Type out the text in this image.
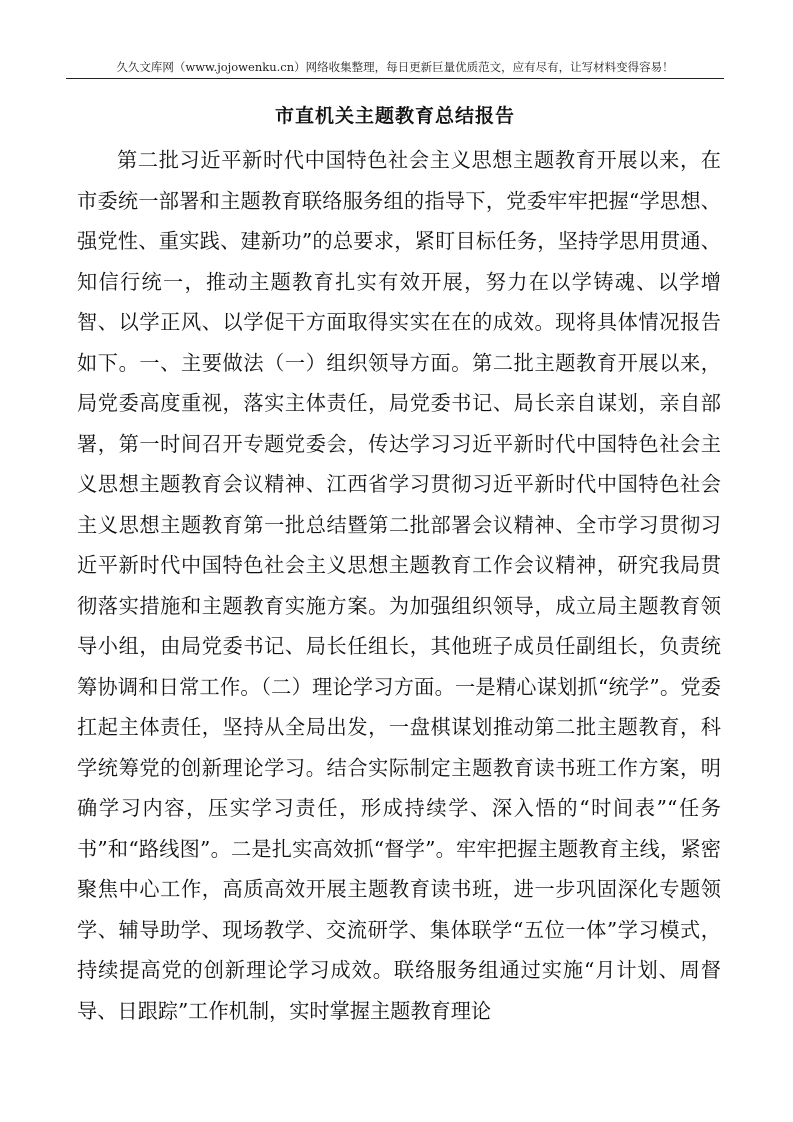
久久文库网（www.jojowenku.cn）网络收集整理，每日更新巨量优质范文，应有尽有，让写材料变得容易！
市直机关主题教育总结报告

第二批习近平新时代中国特色社会主义思想主题教育开展以来，在市委统一部署和主题教育联络服务组的指导下，党委牢牢把握“学思想、强党性、重实践、建新功”的总要求，紧盯目标任务，坚持学思用贯通、知信行统一，推动主题教育扎实有效开展，努力在以学铸魂、以学增智、以学正风、以学促干方面取得实实在在的成效。现将具体情况报告如下。一、主要做法（一）组织领导方面。第二批主题教育开展以来，局党委高度重视，落实主体责任，局党委书记、局长亲自谋划，亲自部署，第一时间召开专题党委会，传达学习习近平新时代中国特色社会主义思想主题教育会议精神、江西省学习贯彻习近平新时代中国特色社会主义思想主题教育第一批总结暨第二批部署会议精神、全市学习贯彻习近平新时代中国特色社会主义思想主题教育工作会议精神，研究我局贯彻落实措施和主题教育实施方案。为加强组织领导，成立局主题教育领导小组，由局党委书记、局长任组长，其他班子成员任副组长，负责统筹协调和日常工作。（二）理论学习方面。一是精心谋划抓“统学”。党委扛起主体责任，坚持从全局出发，一盘棋谋划推动第二批主题教育，科学统筹党的创新理论学习。结合实际制定主题教育读书班工作方案，明确学习内容，压实学习责任，形成持续学、深入悟的“时间表”“任务书”和“路线图”。二是扎实高效抓“督学”。牢牢把握主题教育主线，紧密聚焦中心工作，高质高效开展主题教育读书班，进一步巩固深化专题领学、辅导助学、现场教学、交流研学、集体联学“五位一体”学习模式，持续提高党的创新理论学习成效。联络服务组通过实施“月计划、周督导、日跟踪”工作机制，实时掌握主题教育理论
